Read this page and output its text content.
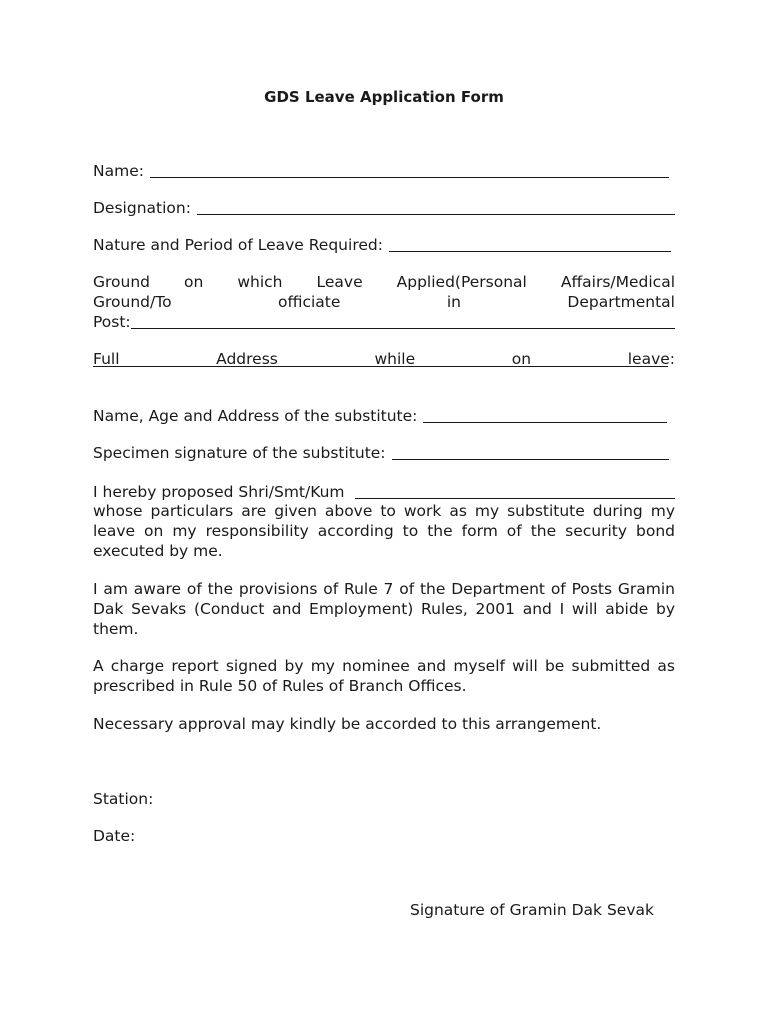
GDS Leave Application Form
Name:
Designation:
Nature and Period of Leave Required:
Ground on which Leave Applied(Personal Affairs/Medical
Ground/To officiate in Departmental
Post:
Full Address while on leave:
Name, Age and Address of the substitute:
Specimen signature of the substitute:
I hereby proposed Shri/Smt/Kum

whose particulars are given above to work as my substitute during my leave on my responsibility according to the form of the security bond executed by me.

I am aware of the provisions of Rule 7 of the Department of Posts Gramin Dak Sevaks (Conduct and Employment) Rules, 2001 and I will abide by them.

A charge report signed by my nominee and myself will be submitted as prescribed in Rule 50 of Rules of Branch Offices.

Necessary approval may kindly be accorded to this arrangement.

Station:
Date:
Signature of Gramin Dak Sevak
